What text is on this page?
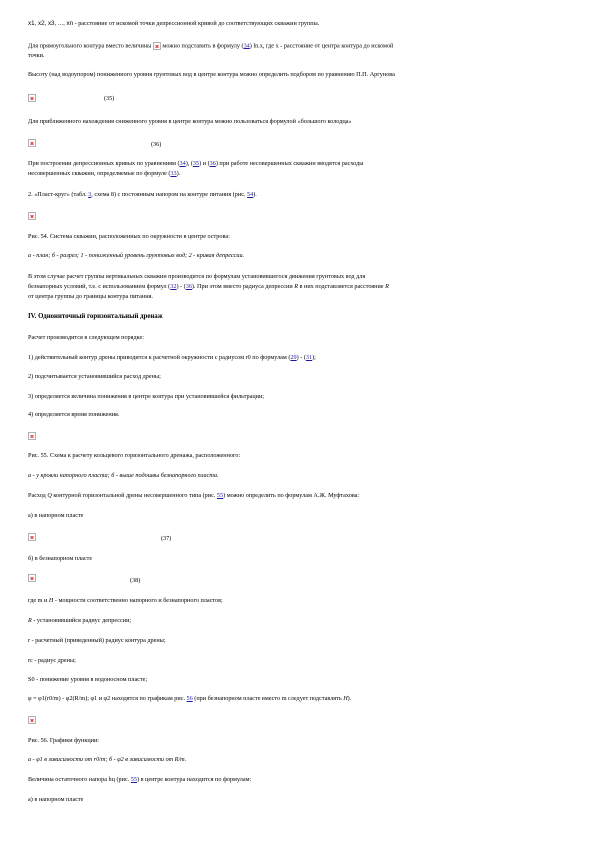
x1, x2, x3, ..., xn - расстояние от искомой точки депрессионной кривой до соответствующих скважин группы.
Для прямоугольного контура вместо величины  можно подставить в формулу (34) ln.x, где x - расстояние от центра контура до искомой
точки.
Высоту (над водоупором) пониженного уровня грунтовых вод в центре контура можно определить подбором по уравнению П.П. Аргунова
(35)
Для приближенного нахождения сниженного уровня в центре контура можно пользоваться формулой «большого колодца»
(36)
При построении депрессионных кривых по уравнениям (34), (35) и (36) при работе несовершенных скважин вводятся расходы
несовершенных скважин, определяемые по формуле (33).
2. «Пласт-круг» (табл. 3, схема 8) с постоянным напором на контуре питания (рис. 54).
Рис. 54. Система скважин, расположенных по окружности в центре острова:
а - план; б - разрез; 1 - пониженный уровень грунтовых вод; 2 - кривая депрессии.
В этом случае расчет группы вертикальных скважин производится по формулам установившегося движения грунтовых вод для
безнапорных условий, т.е. с использованием формул (32) - (36). При этом вместо радиуса депрессии R в них подставляется расстояние R
от центра группы до границы контура питания.
IV. Однониточный горизонтальный дренаж
Расчет производится в следующем порядке:
1) действительный контур дрены приводится к расчетной окружности с радиусом r0 по формулам (29) - (31);
2) подсчитывается установившийся расход дрены;
3) определяется величина понижения в центре контура при установившейся фильтрации;
4) определяется время понижения.
Рис. 55. Схема к расчету кольцевого горизонтального дренажа, расположенного:
а - у кровли напорного пласта; б - выше подошвы безнапорного пласта.
Расход Q контурной горизонтальной дрены несовершенного типа (рис. 55) можно определить по формулам А.Ж. Муфтахова:
а) в напорном пласте
(37)
б) в безнапорном пласте
(38)
где m и H - мощности соответственно напорного и безнапорного пластов;
R - установившийся радиус депрессии;
r - расчетный (приведенный) радиус контура дрены;
rс - радиус дрены;
S0 - понижение уровня в водоносном пласте;
φ = φ1(r0/m) - φ2(R/m); φ1 и φ2 находятся по графикам рис. 56 (при безнапорном пласте вместо m следует подставлять H).
Рис. 56. Графики функции:
а - φ1 в зависимости от r0/m; б - φ2 в зависимости от R/m.
Величина остаточного напора hц (рис. 55) в центре контура находится по формулам:
а) в напорном пласте
